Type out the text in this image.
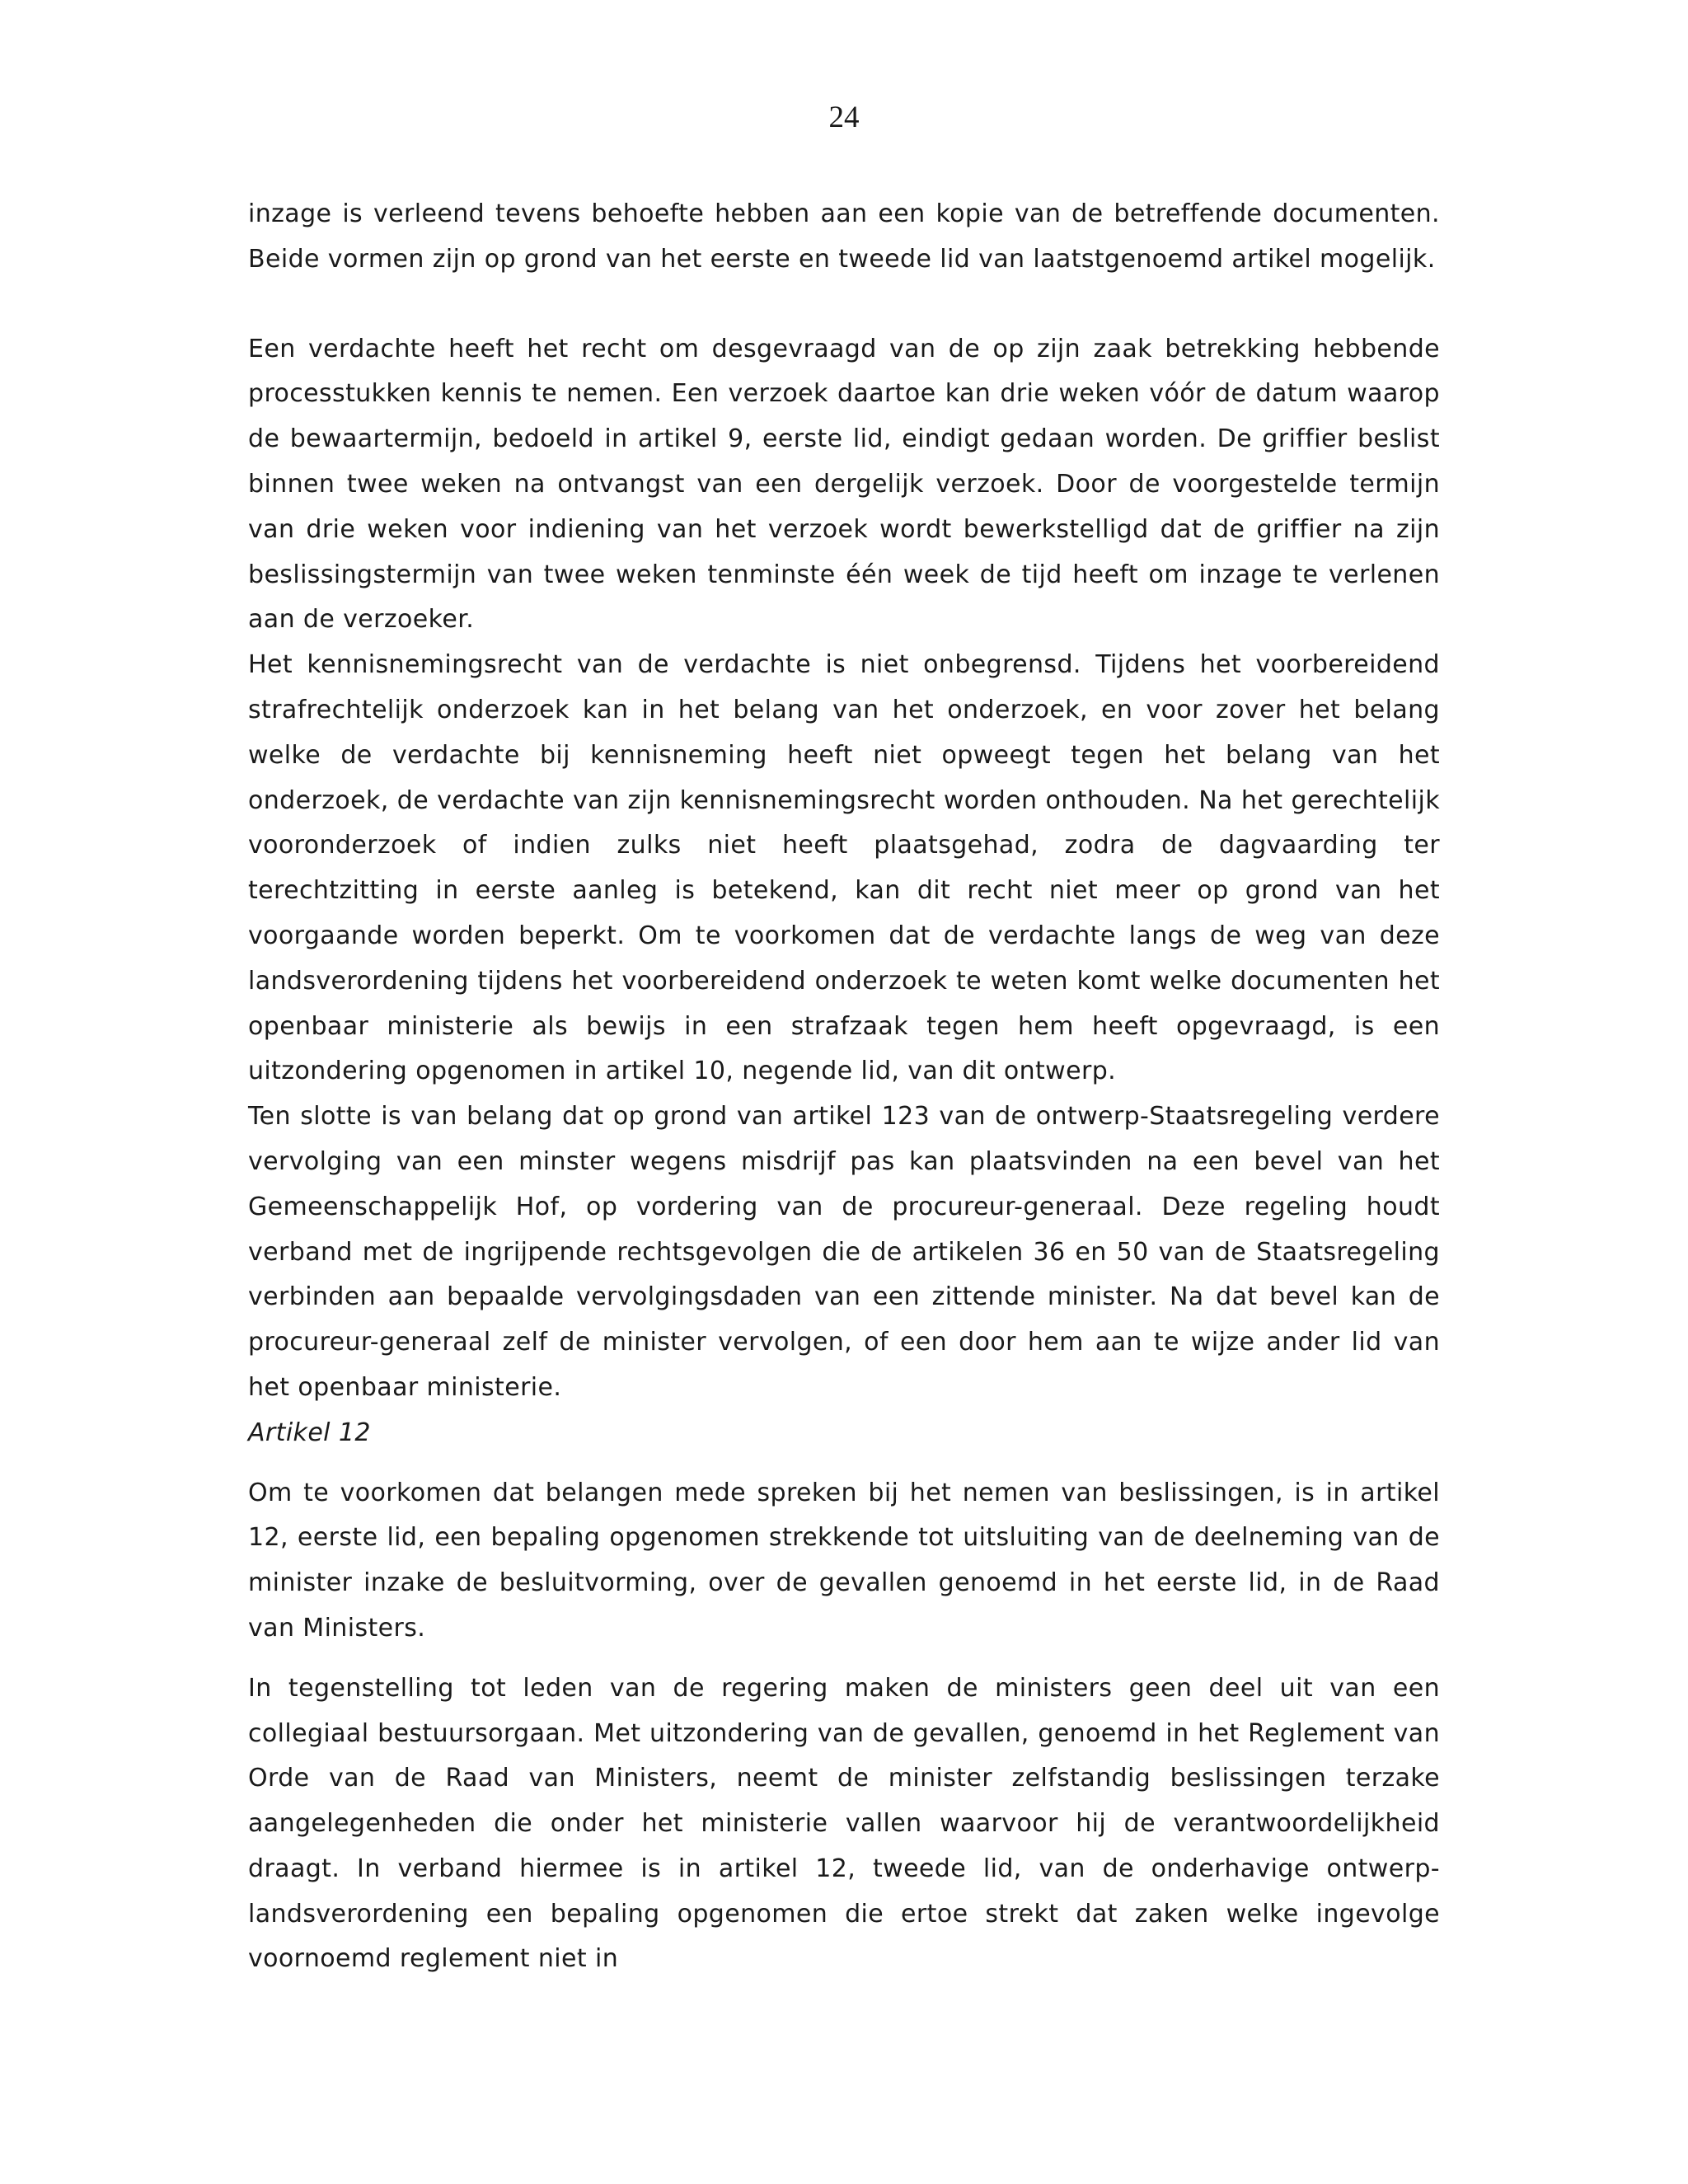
24

inzage is verleend tevens behoefte hebben aan een kopie van de betreffende documenten. Beide vormen zijn op grond van het eerste en tweede lid van laatstgenoemd artikel mogelijk.

Een verdachte heeft het recht om desgevraagd van de op zijn zaak betrekking hebbende processtukken kennis te nemen. Een verzoek daartoe kan drie weken vóór de datum waarop de bewaartermijn, bedoeld in artikel 9, eerste lid, eindigt gedaan worden. De griffier beslist binnen twee weken na ontvangst van een dergelijk verzoek. Door de voorgestelde termijn van drie weken voor indiening van het verzoek wordt bewerkstelligd dat de griffier na zijn beslissingstermijn van twee weken tenminste één week de tijd heeft om inzage te verlenen aan de verzoeker.

Het kennisnemingsrecht van de verdachte is niet onbegrensd. Tijdens het voorbereidend strafrechtelijk onderzoek kan in het belang van het onderzoek, en voor zover het belang welke de verdachte bij kennisneming heeft niet opweegt tegen het belang van het onderzoek, de verdachte van zijn kennisnemingsrecht worden onthouden. Na het gerechtelijk vooronderzoek of indien zulks niet heeft plaatsgehad, zodra de dagvaarding ter terechtzitting in eerste aanleg is betekend, kan dit recht niet meer op grond van het voorgaande worden beperkt. Om te voorkomen dat de verdachte langs de weg van deze landsverordening tijdens het voorbereidend onderzoek te weten komt welke documenten het openbaar ministerie als bewijs in een strafzaak tegen hem heeft opgevraagd, is een uitzondering opgenomen in artikel 10, negende lid, van dit ontwerp.

Ten slotte is van belang dat op grond van artikel 123 van de ontwerp-Staatsregeling verdere vervolging van een minster wegens misdrijf pas kan plaatsvinden na een bevel van het Gemeenschappelijk Hof, op vordering van de procureur-generaal. Deze regeling houdt verband met de ingrijpende rechtsgevolgen die de artikelen 36 en 50 van de Staatsregeling verbinden aan bepaalde vervolgingsdaden van een zittende minister. Na dat bevel kan de procureur-generaal zelf de minister vervolgen, of een door hem aan te wijze ander lid van het openbaar ministerie.

Artikel 12

Om te voorkomen dat belangen mede spreken bij het nemen van beslissingen, is in artikel 12, eerste lid, een bepaling opgenomen strekkende tot uitsluiting van de deelneming van de minister inzake de besluitvorming, over de gevallen genoemd in het eerste lid, in de Raad van Ministers.

In tegenstelling tot leden van de regering maken de ministers geen deel uit van een collegiaal bestuursorgaan. Met uitzondering van de gevallen, genoemd in het Reglement van Orde van de Raad van Ministers, neemt de minister zelfstandig beslissingen terzake aangelegenheden die onder het ministerie vallen waarvoor hij de verantwoordelijkheid draagt. In verband hiermee is in artikel 12, tweede lid, van de onderhavige ontwerp-landsverordening een bepaling opgenomen die ertoe strekt dat zaken welke ingevolge voornoemd reglement niet in
